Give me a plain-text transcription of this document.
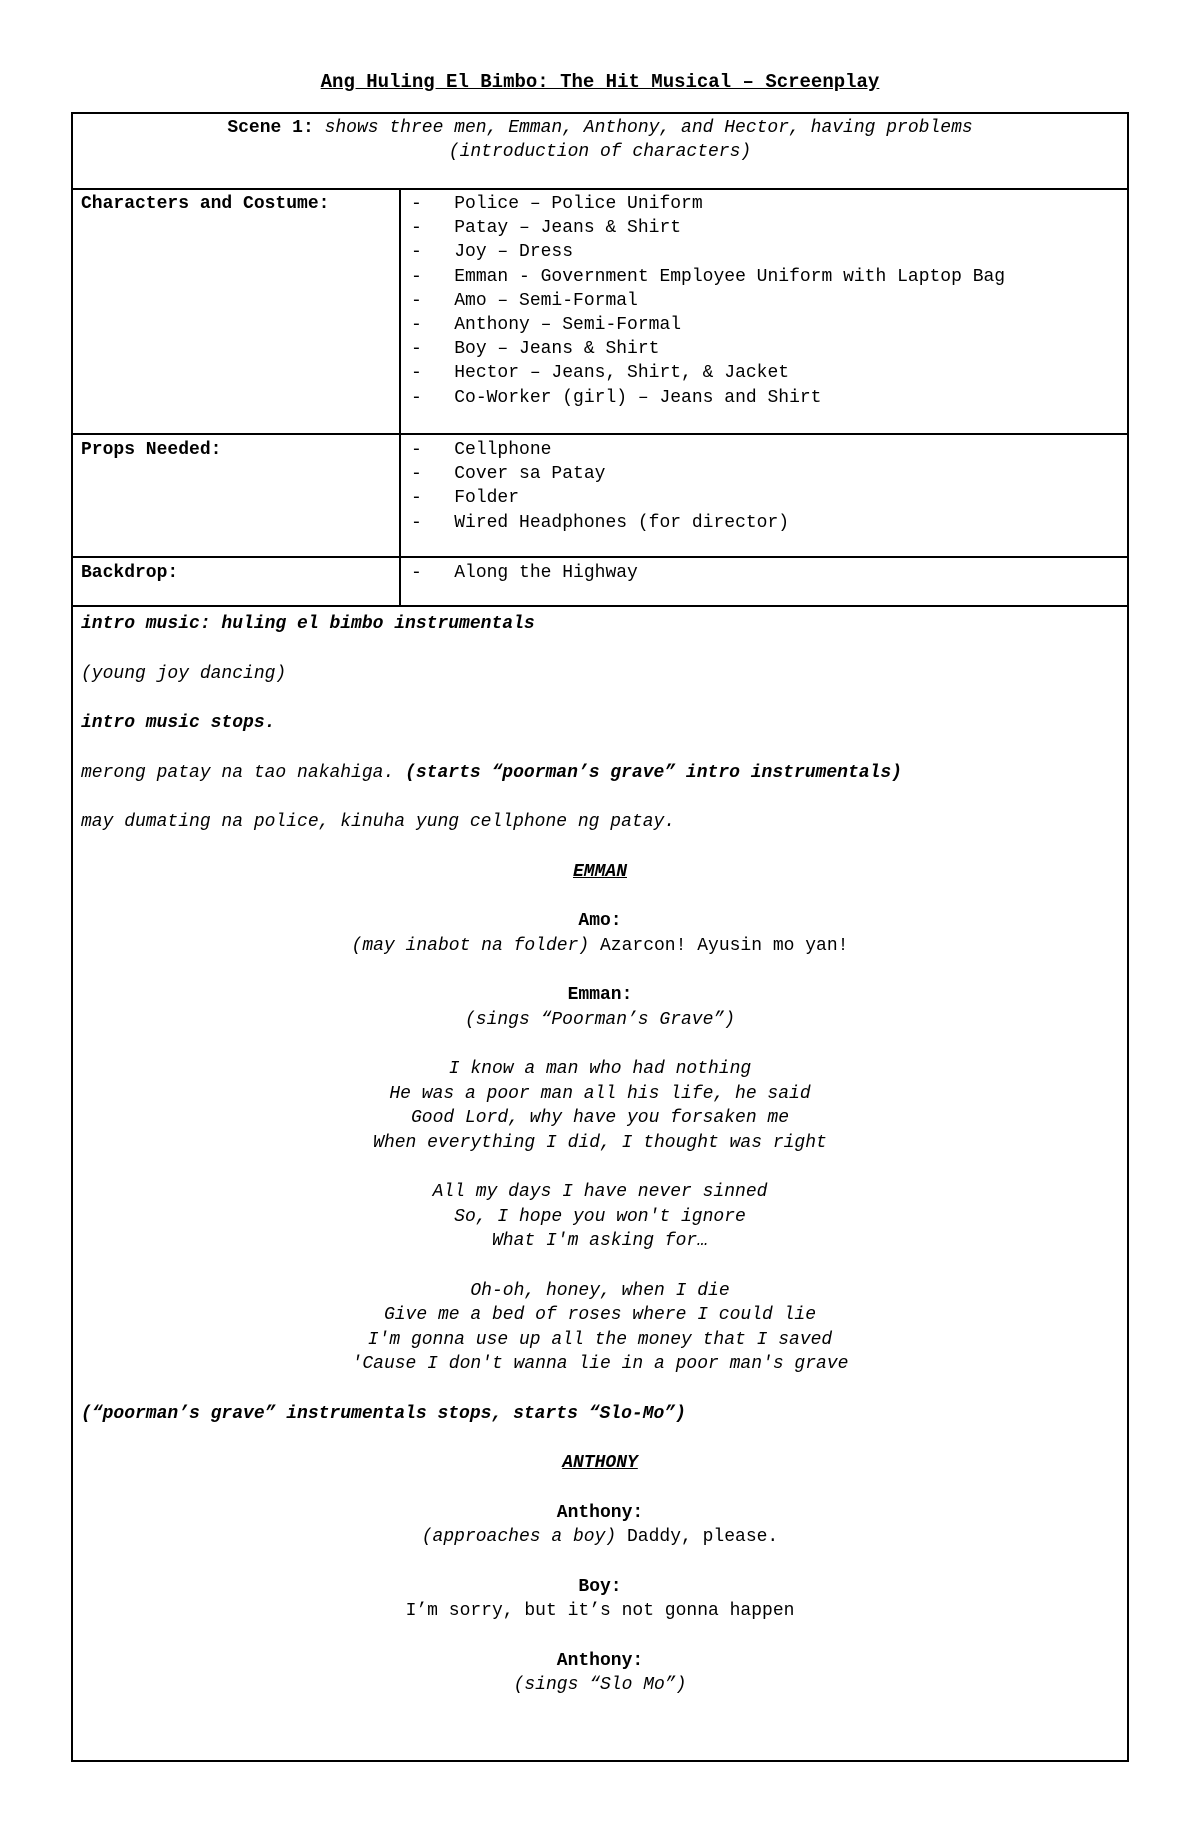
Ang Huling El Bimbo: The Hit Musical – Screenplay
Scene 1: shows three men, Emman, Anthony, and Hector, having problems
(introduction of characters)
Characters and Costume:	-   Police – Police Uniform
-   Patay – Jeans & Shirt
-   Joy – Dress
-   Emman - Government Employee Uniform with Laptop Bag
-   Amo – Semi-Formal
-   Anthony – Semi-Formal
-   Boy – Jeans & Shirt
-   Hector – Jeans, Shirt, & Jacket
-   Co-Worker (girl) – Jeans and Shirt
Props Needed:	-   Cellphone
-   Cover sa Patay
-   Folder
-   Wired Headphones (for director)
Backdrop:	-   Along the Highway
intro music: huling el bimbo instrumentals
(young joy dancing)
intro music stops.
merong patay na tao nakahiga. (starts “poorman’s grave” intro instrumentals)
may dumating na police, kinuha yung cellphone ng patay.
EMMAN
Amo:
(may inabot na folder) Azarcon! Ayusin mo yan!
Emman:
(sings “Poorman’s Grave”)
I know a man who had nothing
He was a poor man all his life, he said
Good Lord, why have you forsaken me
When everything I did, I thought was right
All my days I have never sinned
So, I hope you won't ignore
What I'm asking for…
Oh-oh, honey, when I die
Give me a bed of roses where I could lie
I'm gonna use up all the money that I saved
'Cause I don't wanna lie in a poor man's grave
(“poorman’s grave” instrumentals stops, starts “Slo-Mo”)
ANTHONY
Anthony:
(approaches a boy) Daddy, please.
Boy:
I’m sorry, but it’s not gonna happen
Anthony:
(sings “Slo Mo”)
